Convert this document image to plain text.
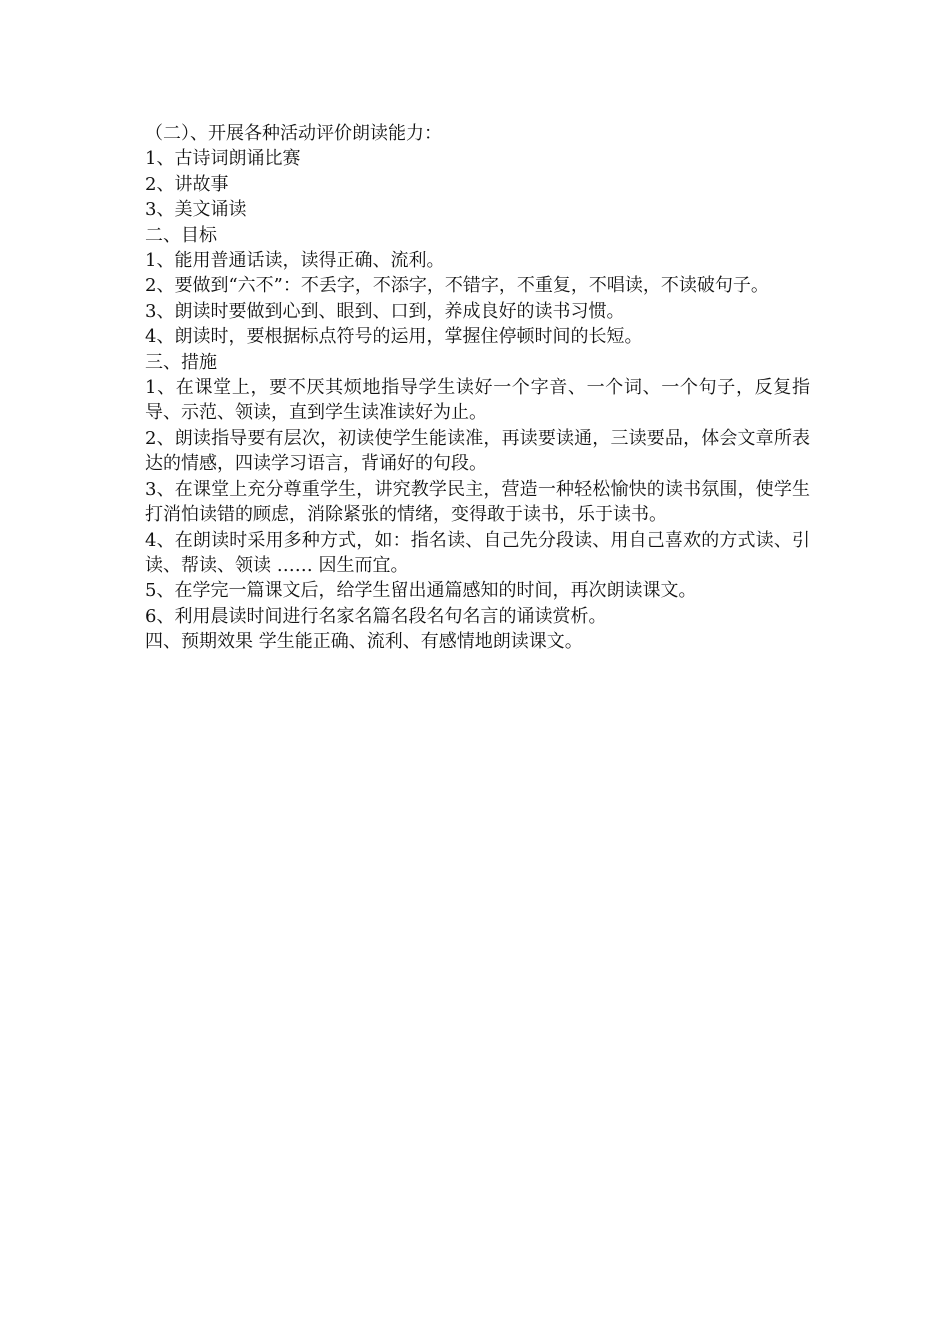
（二）、开展各种活动评价朗读能力：

1、古诗词朗诵比赛

2、讲故事

3、美文诵读

二、目标

1、能用普通话读，读得正确、流利。

2、要做到“六不”：不丢字，不添字，不错字，不重复，不唱读，不读破句子。

3、朗读时要做到心到、眼到、口到，养成良好的读书习惯。

4、朗读时，要根据标点符号的运用，掌握住停顿时间的长短。

三、措施

1、在课堂上，要不厌其烦地指导学生读好一个字音、一个词、一个句子，反复指导、示范、领读，直到学生读准读好为止。

2、朗读指导要有层次，初读使学生能读准，再读要读通，三读要品，体会文章所表达的情感，四读学习语言，背诵好的句段。

3、在课堂上充分尊重学生，讲究教学民主，营造一种轻松愉快的读书氛围，使学生打消怕读错的顾虑，消除紧张的情绪，变得敢于读书，乐于读书。

4、在朗读时采用多种方式，如：指名读、自己先分段读、用自己喜欢的方式读、引读、帮读、领读 …… 因生而宜。

5、在学完一篇课文后，给学生留出通篇感知的时间，再次朗读课文。

6、利用晨读时间进行名家名篇名段名句名言的诵读赏析。

四、预期效果 学生能正确、流利、有感情地朗读课文。
